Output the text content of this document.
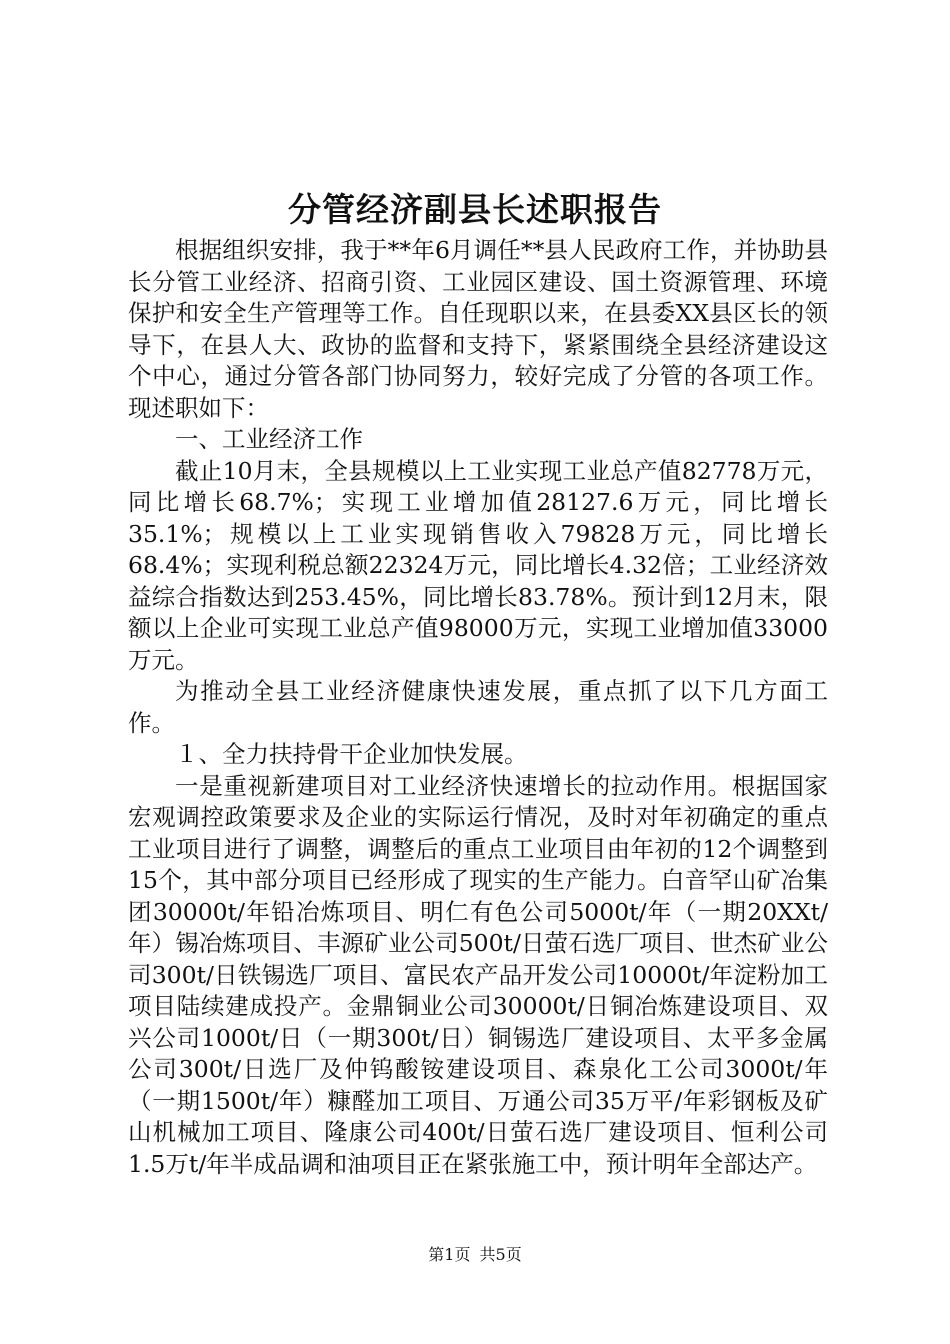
分管经济副县长述职报告

根据组织安排，我于**年6月调任**县人民政府工作，并协助县长分管工业经济、招商引资、工业园区建设、国土资源管理、环境保护和安全生产管理等工作。自任现职以来，在县委XX县区长的领导下，在县人大、政协的监督和支持下，紧紧围绕全县经济建设这个中心，通过分管各部门协同努力，较好完成了分管的各项工作。现述职如下：

一、工业经济工作

截止10月末，全县规模以上工业实现工业总产值82778万元，同比增长68.7%；实现工业增加值28127.6万元，同比增长35.1%；规模以上工业实现销售收入79828万元，同比增长68.4%；实现利税总额22324万元，同比增长4.32倍；工业经济效益综合指数达到253.45%，同比增长83.78%。预计到12月末，限额以上企业可实现工业总产值98000万元，实现工业增加值33000万元。

为推动全县工业经济健康快速发展，重点抓了以下几方面工作。

１、全力扶持骨干企业加快发展。

一是重视新建项目对工业经济快速增长的拉动作用。根据国家宏观调控政策要求及企业的实际运行情况，及时对年初确定的重点工业项目进行了调整，调整后的重点工业项目由年初的12个调整到15个，其中部分项目已经形成了现实的生产能力。白音罕山矿冶集团30000t/年铅冶炼项目、明仁有色公司5000t/年（一期20XXt/年）锡冶炼项目、丰源矿业公司500t/日萤石选厂项目、世杰矿业公司300t/日铁锡选厂项目、富民农产品开发公司10000t/年淀粉加工项目陆续建成投产。金鼎铜业公司30000t/日铜冶炼建设项目、双兴公司1000t/日（一期300t/日）铜锡选厂建设项目、太平多金属公司300t/日选厂及仲钨酸铵建设项目、森泉化工公司3000t/年（一期1500t/年）糠醛加工项目、万通公司35万平/年彩钢板及矿山机械加工项目、隆康公司400t/日萤石选厂建设项目、恒利公司1.5万t/年半成品调和油项目正在紧张施工中，预计明年全部达产。

第1页 共5页
